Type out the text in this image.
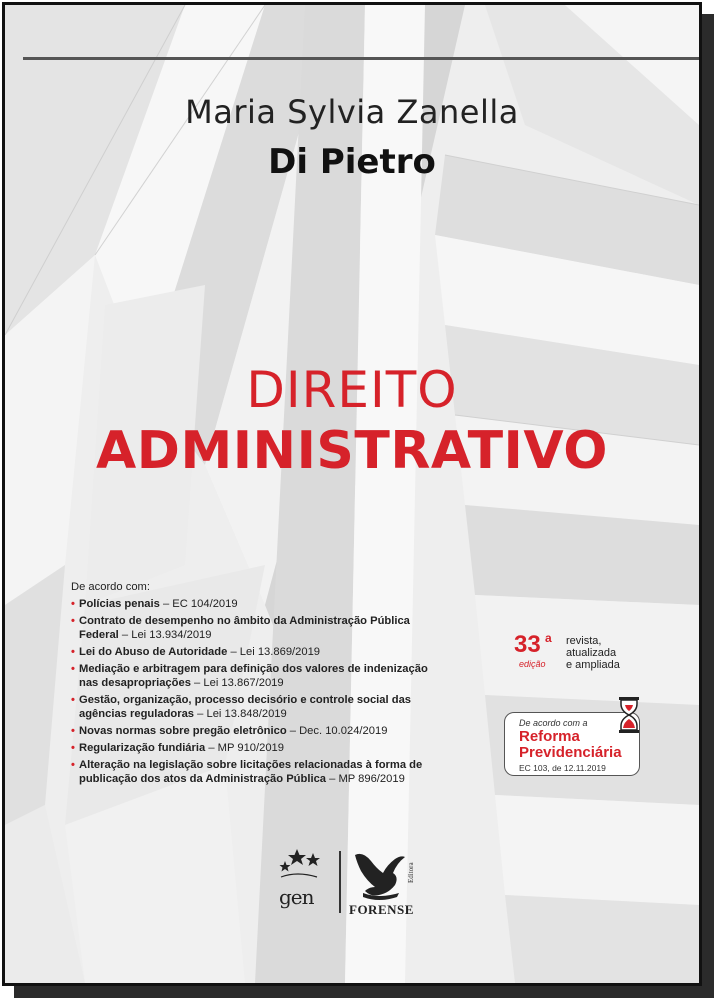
Maria Sylvia Zanella
Di Pietro
DIREITO
ADMINISTRATIVO
De acordo com:
• Polícias penais – EC 104/2019
• Contrato de desempenho no âmbito da Administração Pública Federal – Lei 13.934/2019
• Lei do Abuso de Autoridade – Lei 13.869/2019
• Mediação e arbitragem para definição dos valores de indenização nas desapropriações – Lei 13.867/2019
• Gestão, organização, processo decisório e controle social das agências reguladoras – Lei 13.848/2019
• Novas normas sobre pregão eletrônico – Dec. 10.024/2019
• Regularização fundiária – MP 910/2019
• Alteração na legislação sobre licitações relacionadas à forma de publicação dos atos da Administração Pública – MP 896/2019
33 a
edição
revista,
atualizada
e ampliada
De acordo com a
Reforma
Previdenciária
EC 103, de 12.11.2019
gen
FORENSE
Editora
